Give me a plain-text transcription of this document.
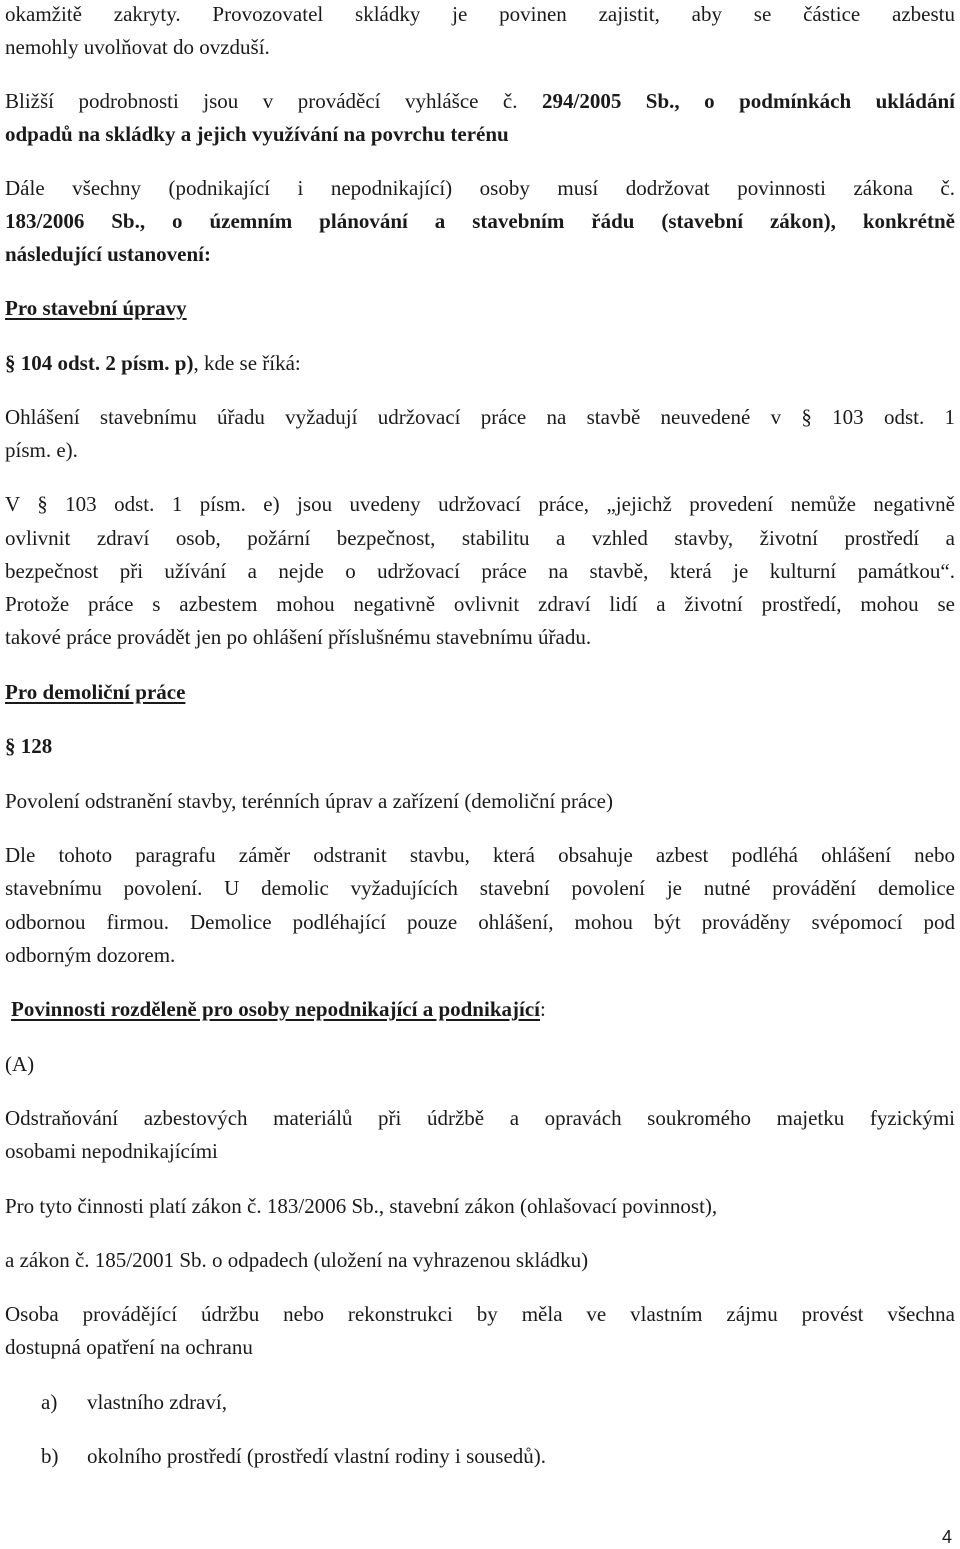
okamžitě zakryty. Provozovatel skládky je povinen zajistit, aby se částice azbestu
nemohly uvolňovat do ovzduší.
Bližší podrobnosti jsou v prováděcí vyhlášce č. 294/2005 Sb., o podmínkách ukládání
odpadů na skládky a jejich využívání na povrchu terénu
Dále všechny (podnikající i nepodnikající) osoby musí dodržovat povinnosti zákona č.
183/2006 Sb., o územním plánování a stavebním řádu (stavební zákon), konkrétně
následující ustanovení:
Pro stavební úpravy
§ 104 odst. 2 písm. p), kde se říká:
Ohlášení stavebnímu úřadu vyžadují udržovací práce na stavbě neuvedené v § 103 odst. 1
písm. e).
V § 103 odst. 1 písm. e) jsou uvedeny udržovací práce, „jejichž provedení nemůže negativně
ovlivnit zdraví osob, požární bezpečnost, stabilitu a vzhled stavby, životní prostředí a
bezpečnost při užívání a nejde o udržovací práce na stavbě, která je kulturní památkou“.
Protože práce s azbestem mohou negativně ovlivnit zdraví lidí a životní prostředí, mohou se
takové práce provádět jen po ohlášení příslušnému stavebnímu úřadu.
Pro demoliční práce
§ 128
Povolení odstranění stavby, terénních úprav a zařízení (demoliční práce)
Dle tohoto paragrafu záměr odstranit stavbu, která obsahuje azbest podléhá ohlášení nebo
stavebnímu povolení. U demolic vyžadujících stavební povolení je nutné provádění demolice
odbornou firmou. Demolice podléhající pouze ohlášení, mohou být prováděny svépomocí pod
odborným dozorem.
Povinnosti rozděleně pro osoby nepodnikající a podnikající:
(A)
Odstraňování azbestových materiálů při údržbě a opravách soukromého majetku fyzickými
osobami nepodnikajícími
Pro tyto činnosti platí zákon č. 183/2006 Sb., stavební zákon (ohlašovací povinnost),
a zákon č. 185/2001 Sb. o odpadech (uložení na vyhrazenou skládku)
Osoba provádějící údržbu nebo rekonstrukci by měla ve vlastním zájmu provést všechna
dostupná opatření na ochranu
a)	vlastního zdraví,
b)	okolního prostředí (prostředí vlastní rodiny i sousedů).
4
